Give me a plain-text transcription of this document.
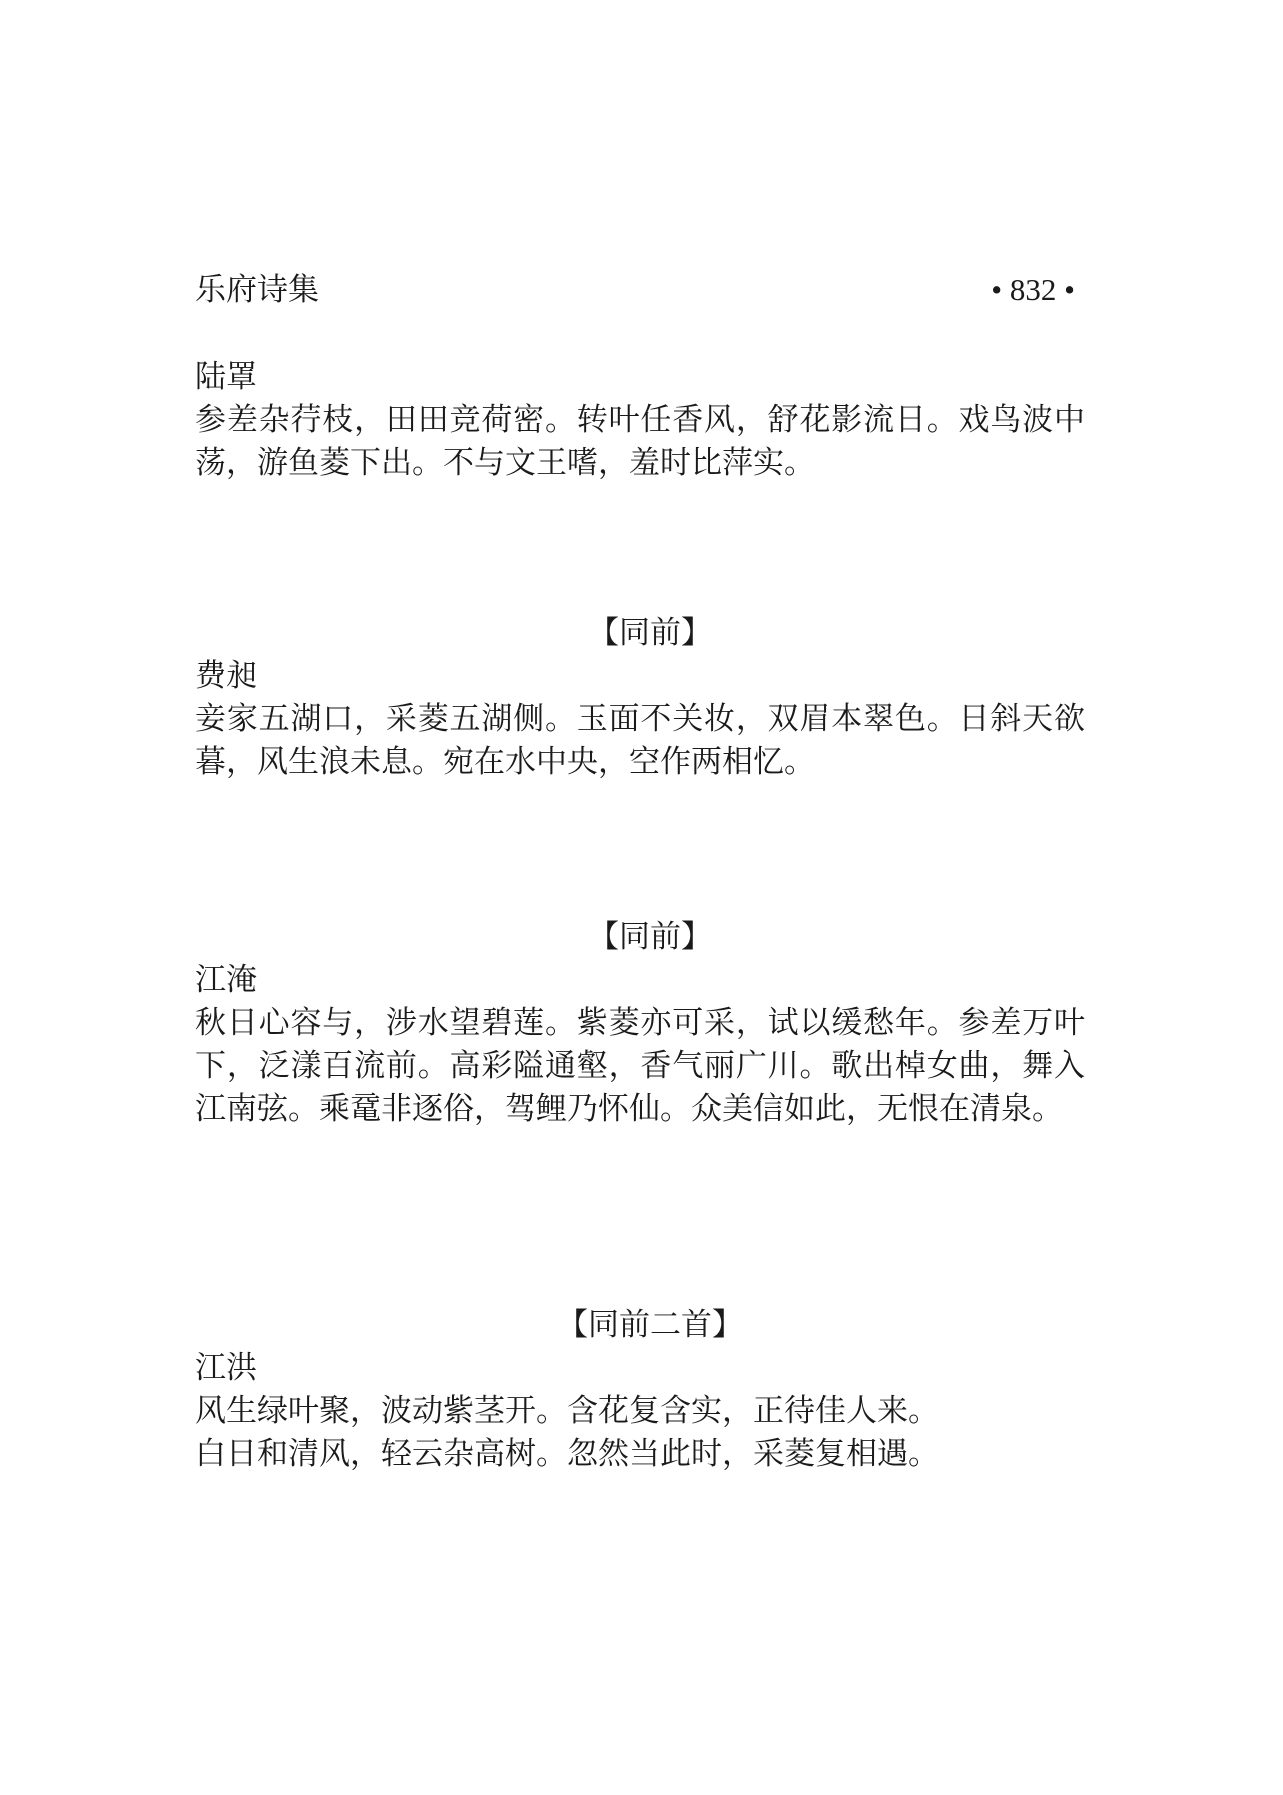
乐府诗集	• 832 •
陆罩
参差杂荇枝，田田竞荷密。转叶任香风，舒花影流日。戏鸟波中荡，游鱼菱下出。不与文王嗜，羞时比萍实。
【同前】
费昶
妾家五湖口，采菱五湖侧。玉面不关妆，双眉本翠色。日斜天欲暮，风生浪未息。宛在水中央，空作两相忆。
【同前】
江淹
秋日心容与，涉水望碧莲。紫菱亦可采，试以缓愁年。参差万叶下，泛漾百流前。高彩隘通壑，香气丽广川。歌出棹女曲，舞入江南弦。乘鼋非逐俗，驾鲤乃怀仙。众美信如此，无恨在清泉。
【同前二首】
江洪
风生绿叶聚，波动紫茎开。含花复含实，正待佳人来。
白日和清风，轻云杂高树。忽然当此时，采菱复相遇。
